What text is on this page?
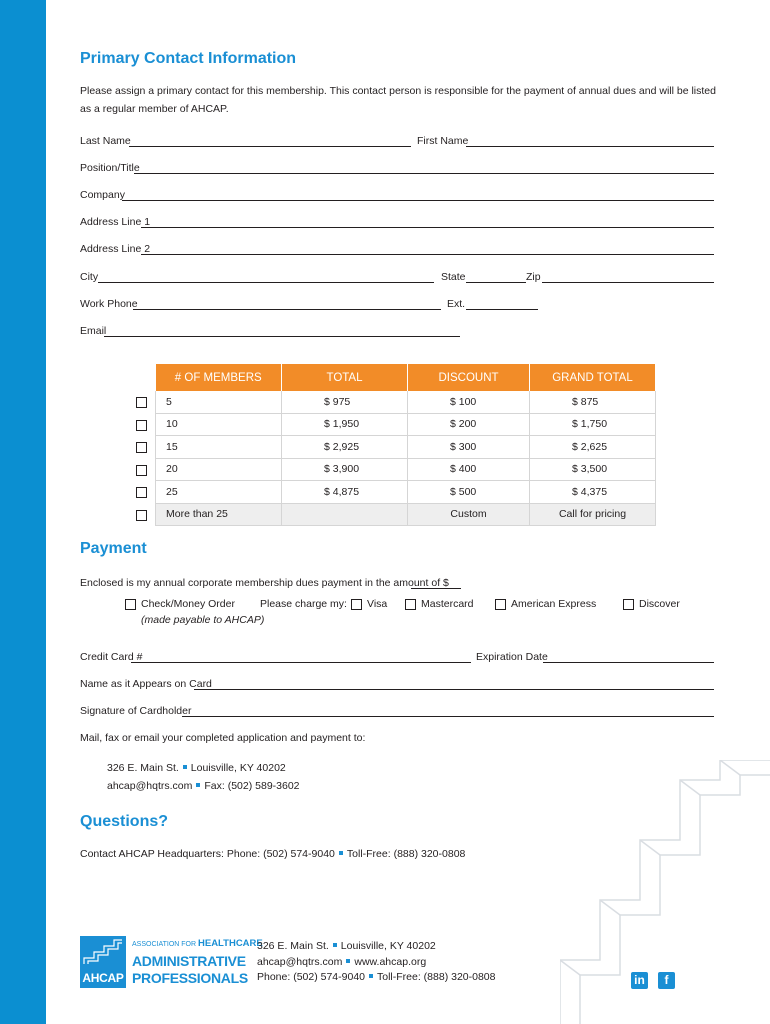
Primary Contact Information
Please assign a primary contact for this membership. This contact person is responsible for the payment of annual dues and will be listed as a regular member of AHCAP.
Last Name	First Name
Position/Title
Company
Address Line 1
Address Line 2
City	State	Zip
Work Phone	Ext.
Email
# OF MEMBERS	TOTAL	DISCOUNT	GRAND TOTAL
5	$ 975	$ 100	$ 875
10	$ 1,950	$ 200	$ 1,750
15	$ 2,925	$ 300	$ 2,625
20	$ 3,900	$ 400	$ 3,500
25	$ 4,875	$ 500	$ 4,375
More than 25		Custom	Call for pricing
Payment
Enclosed is my annual corporate membership dues payment in the amount of $
Check/Money Order
(made payable to AHCAP)
Please charge my: Visa	Mastercard	American Express	Discover
Credit Card #	Expiration Date
Name as it Appears on Card
Signature of Cardholder
Mail, fax or email your completed application and payment to:
326 E. Main St. Louisville, KY 40202
ahcap@hqtrs.com Fax: (502) 589-3602
Questions?
Contact AHCAP Headquarters: Phone: (502) 574-9040 Toll-Free: (888) 320-0808
AHCAP
ASSOCIATION FOR HEALTHCARE
ADMINISTRATIVE
PROFESSIONALS
326 E. Main St. Louisville, KY 40202
ahcap@hqtrs.com www.ahcap.org
Phone: (502) 574-9040 Toll-Free: (888) 320-0808	in	f
